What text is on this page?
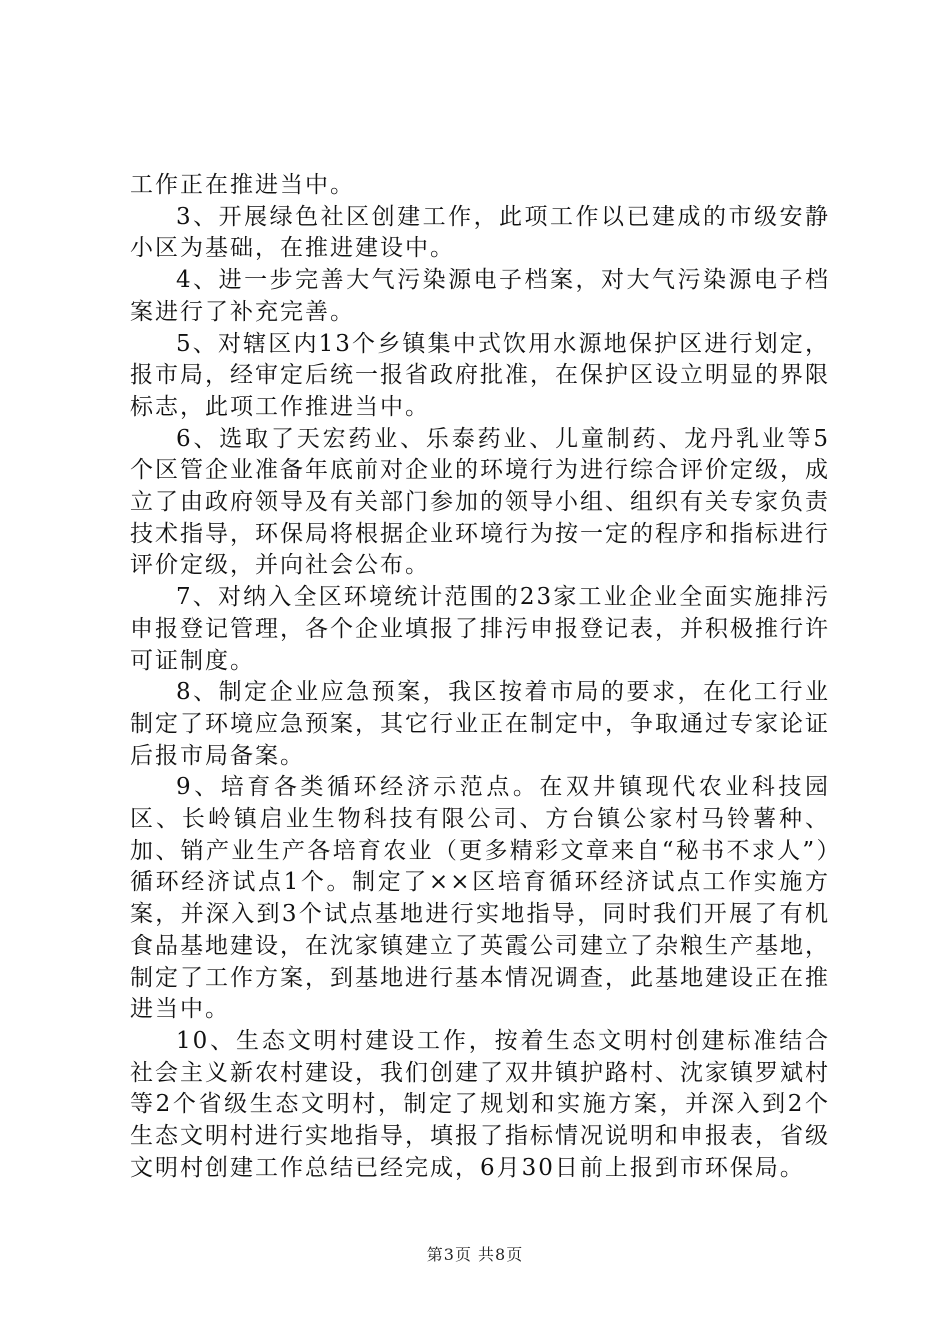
工作正在推进当中。

3、开展绿色社区创建工作，此项工作以已建成的市级安静小区为基础，在推进建设中。

4、进一步完善大气污染源电子档案，对大气污染源电子档案进行了补充完善。

5、对辖区内13个乡镇集中式饮用水源地保护区进行划定，报市局，经审定后统一报省政府批准，在保护区设立明显的界限标志，此项工作推进当中。

6、选取了天宏药业、乐泰药业、儿童制药、龙丹乳业等5个区管企业准备年底前对企业的环境行为进行综合评价定级，成立了由政府领导及有关部门参加的领导小组、组织有关专家负责技术指导，环保局将根据企业环境行为按一定的程序和指标进行评价定级，并向社会公布。

7、对纳入全区环境统计范围的23家工业企业全面实施排污申报登记管理，各个企业填报了排污申报登记表，并积极推行许可证制度。

8、制定企业应急预案，我区按着市局的要求，在化工行业制定了环境应急预案，其它行业正在制定中，争取通过专家论证后报市局备案。

9、培育各类循环经济示范点。在双井镇现代农业科技园区、长岭镇启业生物科技有限公司、方台镇公家村马铃薯种、加、销产业生产各培育农业（更多精彩文章来自“秘书不求人”）循环经济试点1个。制定了××区培育循环经济试点工作实施方案，并深入到3个试点基地进行实地指导，同时我们开展了有机食品基地建设，在沈家镇建立了英霞公司建立了杂粮生产基地，制定了工作方案，到基地进行基本情况调查，此基地建设正在推进当中。

10、生态文明村建设工作，按着生态文明村创建标准结合社会主义新农村建设，我们创建了双井镇护路村、沈家镇罗斌村等2个省级生态文明村，制定了规划和实施方案，并深入到2个生态文明村进行实地指导，填报了指标情况说明和申报表，省级文明村创建工作总结已经完成，6月30日前上报到市环保局。

第3页 共8页
